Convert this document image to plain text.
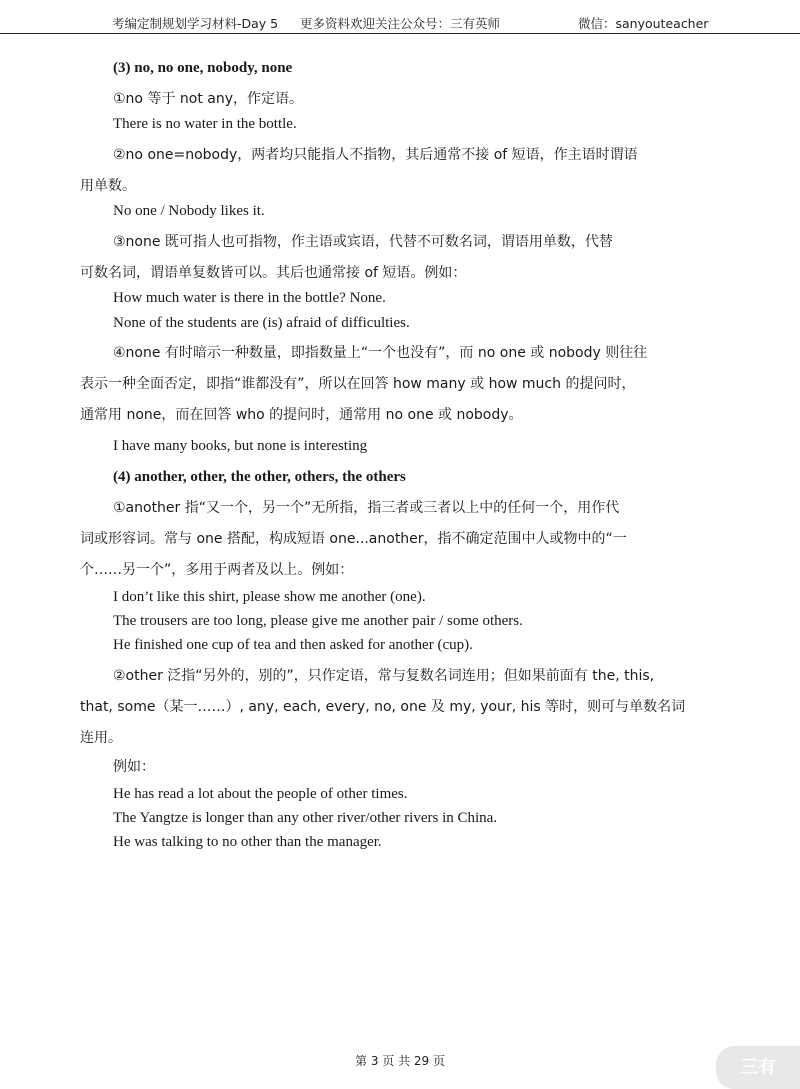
考编定制规划学习材料-Day 5 更多资料欢迎关注公众号：三有英师	微信：sanyouteacher
(3) no, no one, nobody, none
①no 等于 not any，作定语。
There is no water in the bottle.
②no one=nobody，两者均只能指人不指物，其后通常不接 of 短语，作主语时谓语
用单数。
No one / Nobody likes it.
③none 既可指人也可指物，作主语或宾语，代替不可数名词，谓语用单数，代替
可数名词，谓语单复数皆可以。其后也通常接 of 短语。例如：
How much water is there in the bottle? None.
None of the students are (is) afraid of difficulties.
④none 有时暗示一种数量，即指数量上“一个也没有”，而 no one 或 nobody 则往往
表示一种全面否定，即指“谁都没有”，所以在回答 how many 或 how much 的提问时，
通常用 none，而在回答 who 的提问时，通常用 no one 或 nobody。
I have many books, but none is interesting
(4) another, other, the other, others, the others
①another 指“又一个，另一个”无所指，指三者或三者以上中的任何一个，用作代
词或形容词。常与 one 搭配，构成短语 one...another，指不确定范围中人或物中的“一
个……另一个”，多用于两者及以上。例如：
I don’t like this shirt, please show me another (one).
The trousers are too long, please give me another pair / some others.
He finished one cup of tea and then asked for another (cup).
②other 泛指“另外的，别的”，只作定语，常与复数名词连用；但如果前面有 the, this,
that, some（某一……）, any, each, every, no, one 及 my, your, his 等时，则可与单数名词
连用。
例如：
He has read a lot about the people of other times.
The Yangtze is longer than any other river/other rivers in China.
He was talking to no other than the manager.
第 3 页 共 29 页	三有
